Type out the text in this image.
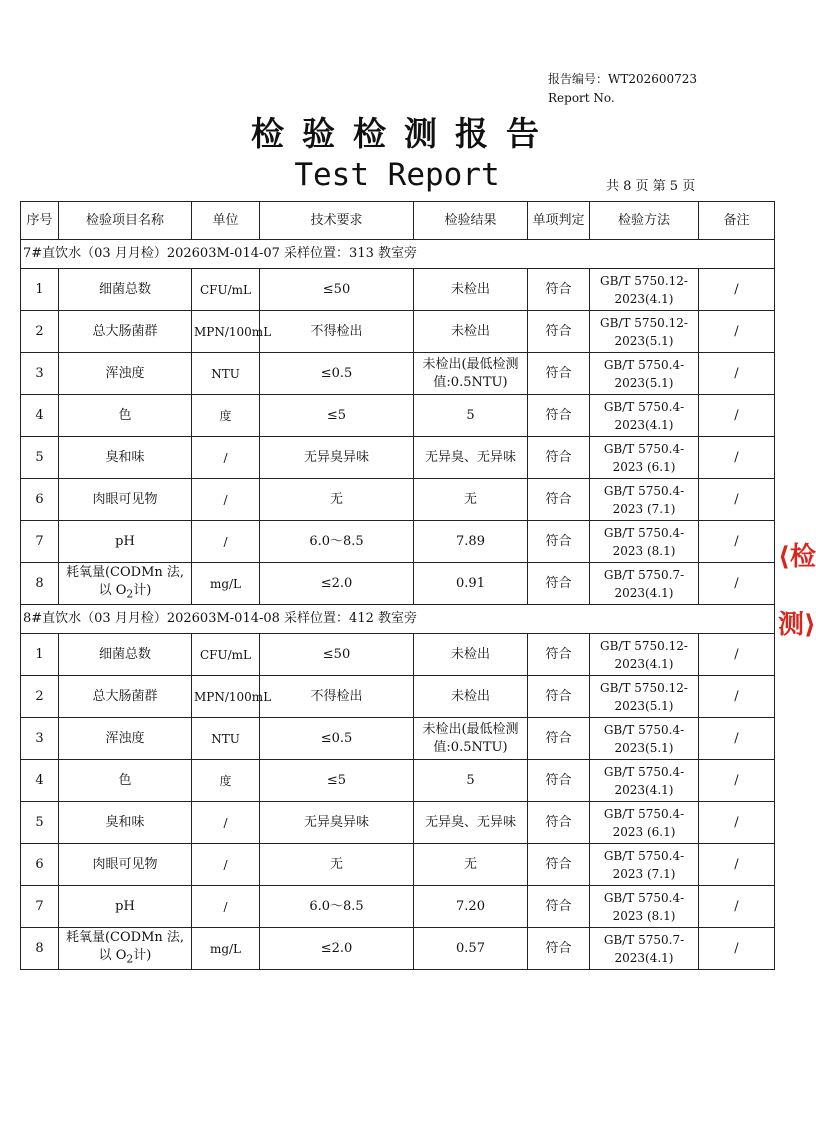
报告编号：WT202600723
Report No.
检验检测报告
Test Report	共 8 页 第 5 页
序号	检验项目名称	单位	技术要求	检验结果	单项判定	检验方法	备注
7#直饮水（03 月月检）202603M-014-07 采样位置：313 教室旁							
1	细菌总数	CFU/mL	≤50	未检出	符合	GB/T 5750.12-
2023(4.1)	/
2	总大肠菌群	MPN/100mL	不得检出	未检出	符合	GB/T 5750.12-
2023(5.1)	/
3	浑浊度	NTU	≤0.5	未检出(最低检测值:0.5NTU)	符合	GB/T 5750.4-
2023(5.1)	/
4	色	度	≤5	5	符合	GB/T 5750.4-
2023(4.1)	/
5	臭和味	/	无异臭异味	无异臭、无异味	符合	GB/T 5750.4-
2023 (6.1)	/
6	肉眼可见物	/	无	无	符合	GB/T 5750.4-
2023 (7.1)	/
7	pH	/	6.0～8.5	7.89	符合	GB/T 5750.4-
2023 (8.1)	/
8	耗氧量(CODMn 法,
以 $O_2$计)	mg/L	≤2.0	0.91	符合	GB/T 5750.7-
2023(4.1)	/
8#直饮水（03 月月检）202603M-014-08 采样位置：412 教室旁							
1	细菌总数	CFU/mL	≤50	未检出	符合	GB/T 5750.12-
2023(4.1)	/
2	总大肠菌群	MPN/100mL	不得检出	未检出	符合	GB/T 5750.12-
2023(5.1)	/
3	浑浊度	NTU	≤0.5	未检出(最低检测值:0.5NTU)	符合	GB/T 5750.4-
2023(5.1)	/
4	色	度	≤5	5	符合	GB/T 5750.4-
2023(4.1)	/
5	臭和味	/	无异臭异味	无异臭、无异味	符合	GB/T 5750.4-
2023 (6.1)	/
6	肉眼可见物	/	无	无	符合	GB/T 5750.4-
2023 (7.1)	/
7	pH	/	6.0～8.5	7.20	符合	GB/T 5750.4-
2023 (8.1)	/
8	耗氧量(CODMn 法,
以 $O_2$计)	mg/L	≤2.0	0.57	符合	GB/T 5750.7-
2023(4.1)	/
⟨检

测⟩
